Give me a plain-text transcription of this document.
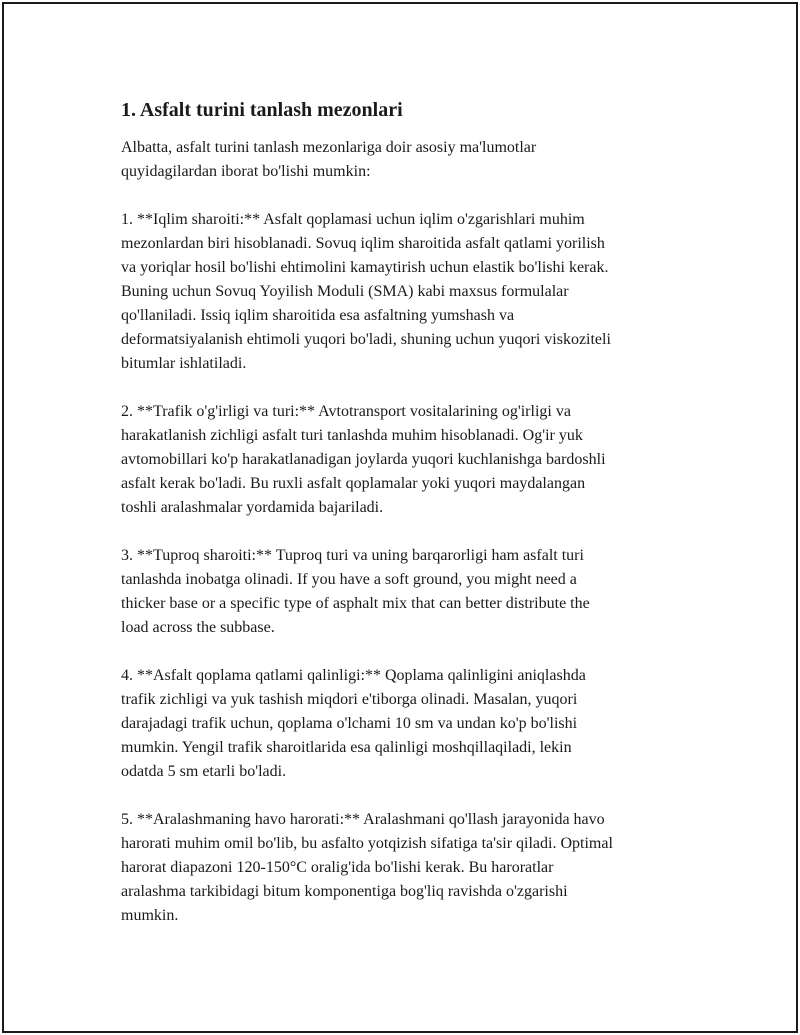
1. Asfalt turini tanlash mezonlari

Albatta, asfalt turini tanlash mezonlariga doir asosiy ma'lumotlar
quyidagilardan iborat bo'lishi mumkin:

1. **Iqlim sharoiti:** Asfalt qoplamasi uchun iqlim o'zgarishlari muhim
mezonlardan biri hisoblanadi. Sovuq iqlim sharoitida asfalt qatlami yorilish
va yoriqlar hosil bo'lishi ehtimolini kamaytirish uchun elastik bo'lishi kerak.
Buning uchun Sovuq Yoyilish Moduli (SMA) kabi maxsus formulalar
qo'llaniladi. Issiq iqlim sharoitida esa asfaltning yumshash va
deformatsiyalanish ehtimoli yuqori bo'ladi, shuning uchun yuqori viskoziteli
bitumlar ishlatiladi.

2. **Trafik o'g'irligi va turi:** Avtotransport vositalarining og'irligi va
harakatlanish zichligi asfalt turi tanlashda muhim hisoblanadi. Og'ir yuk
avtomobillari ko'p harakatlanadigan joylarda yuqori kuchlanishga bardoshli
asfalt kerak bo'ladi. Bu ruxli asfalt qoplamalar yoki yuqori maydalangan
toshli aralashmalar yordamida bajariladi.

3. **Tuproq sharoiti:** Tuproq turi va uning barqarorligi ham asfalt turi
tanlashda inobatga olinadi. If you have a soft ground, you might need a
thicker base or a specific type of asphalt mix that can better distribute the
load across the subbase.

4. **Asfalt qoplama qatlami qalinligi:** Qoplama qalinligini aniqlashda
trafik zichligi va yuk tashish miqdori e'tiborga olinadi. Masalan, yuqori
darajadagi trafik uchun, qoplama o'lchami 10 sm va undan ko'p bo'lishi
mumkin. Yengil trafik sharoitlarida esa qalinligi moshqillaqiladi, lekin
odatda 5 sm etarli bo'ladi.

5. **Aralashmaning havo harorati:** Aralashmani qo'llash jarayonida havo
harorati muhim omil bo'lib, bu asfalto yotqizish sifatiga ta'sir qiladi. Optimal
harorat diapazoni 120-150°C oralig'ida bo'lishi kerak. Bu haroratlar
aralashma tarkibidagi bitum komponentiga bog'liq ravishda o'zgarishi
mumkin.
